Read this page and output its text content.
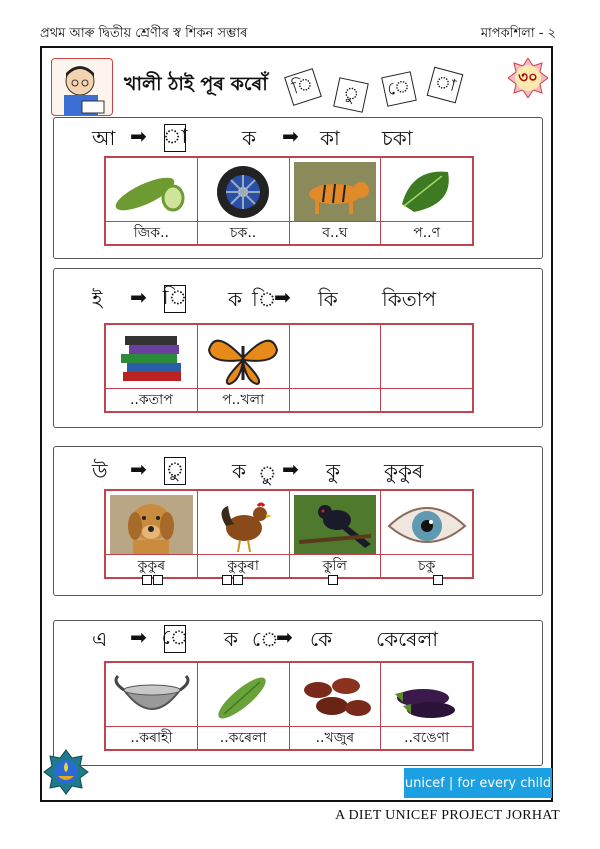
প্ৰথম আৰু দ্বিতীয় শ্ৰেণীৰ স্ব শিকন সম্ভাৰ	মাপকশিলা - ২
খালী ঠাই পূৰ কৰোঁ	ি	ু	ে	া	৩০
আ ➡ া	ক ➡ কা চকা
জিক..	চক..	ব..ঘ	প..ণ
ই ➡ ি ক ি
➡ কি কিতাপ
..কতাপ	প..খলা
উ ➡ ু ক ু ➡ কু কুকুৰ
কুকুৰ	কুকুৰা	কুলি	চকু
এ ➡ ে ক ে
➡ কে কেৰেলা
..কৰাহী	..কৰেলা	..খজুৰ	..বঙেণা
unicef | for every child
A DIET UNICEF PROJECT JORHAT
